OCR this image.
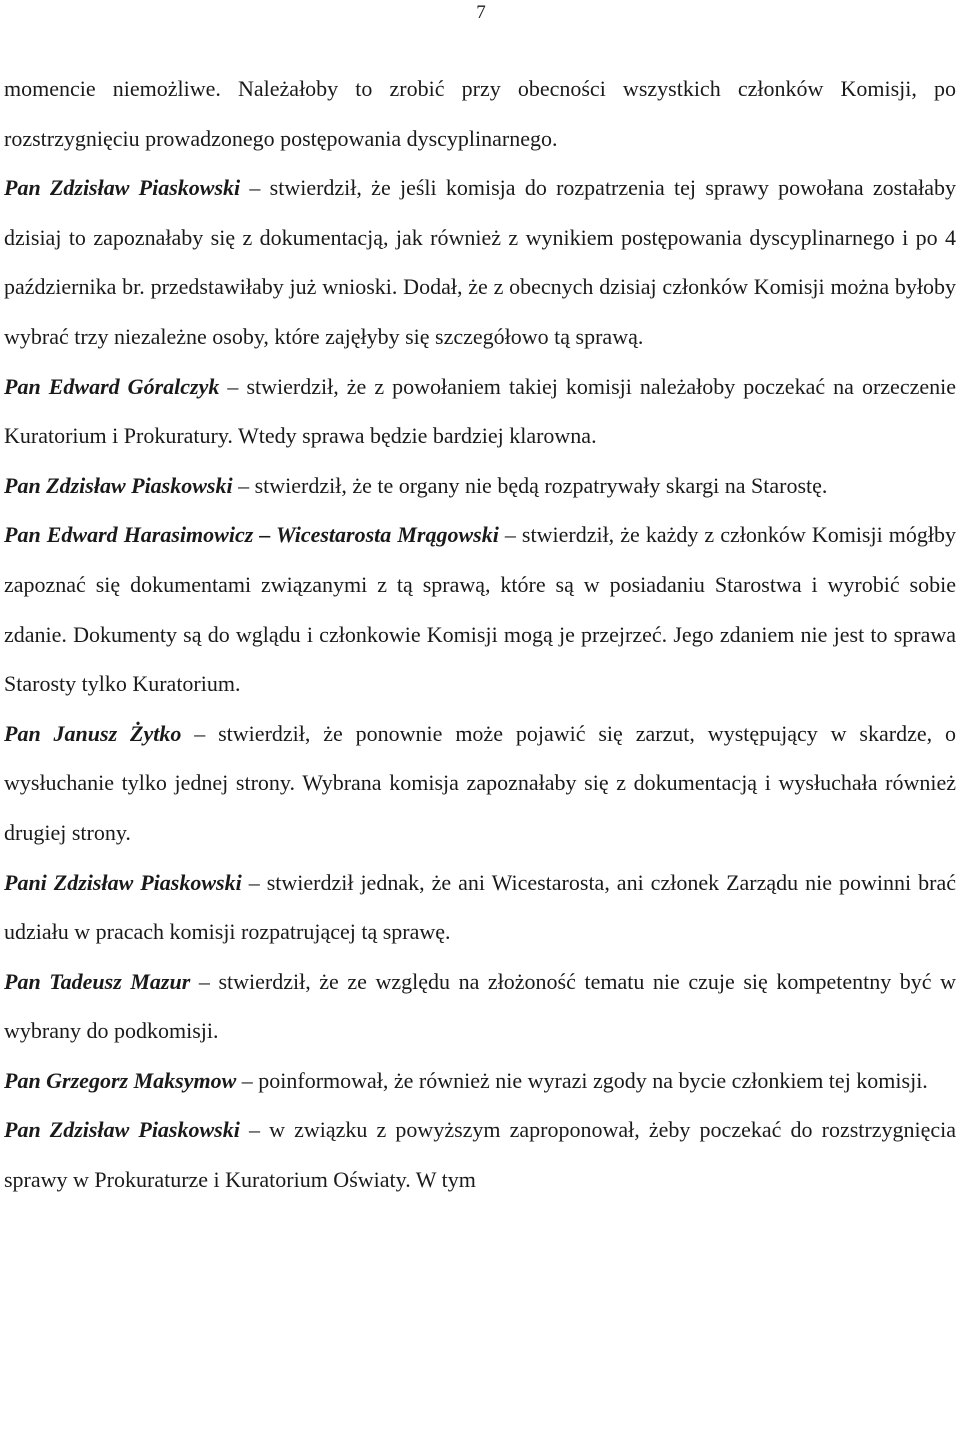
7

momencie niemożliwe. Należałoby to zrobić przy obecności wszystkich członków Komisji, po rozstrzygnięciu prowadzonego postępowania dyscyplinarnego.

Pan Zdzisław Piaskowski – stwierdził, że jeśli komisja do rozpatrzenia tej sprawy powołana zostałaby dzisiaj to zapoznałaby się z dokumentacją, jak również z wynikiem postępowania dyscyplinarnego i po 4 października br. przedstawiłaby już wnioski. Dodał, że z obecnych dzisiaj członków Komisji można byłoby wybrać trzy niezależne osoby, które zajęłyby się szczegółowo tą sprawą.

Pan Edward Góralczyk – stwierdził, że z powołaniem takiej komisji należałoby poczekać na orzeczenie Kuratorium i Prokuratury. Wtedy sprawa będzie bardziej klarowna.

Pan Zdzisław Piaskowski – stwierdził, że te organy nie będą rozpatrywały skargi na Starostę.

Pan Edward Harasimowicz – Wicestarosta Mrągowski – stwierdził, że każdy z członków Komisji mógłby zapoznać się dokumentami związanymi z tą sprawą, które są w posiadaniu Starostwa i wyrobić sobie zdanie. Dokumenty są do wglądu i członkowie Komisji mogą je przejrzeć. Jego zdaniem nie jest to sprawa Starosty tylko Kuratorium.

Pan Janusz Żytko – stwierdził, że ponownie może pojawić się zarzut, występujący w skardze, o wysłuchanie tylko jednej strony. Wybrana komisja zapoznałaby się z dokumentacją i wysłuchała również drugiej strony.

Pani Zdzisław Piaskowski – stwierdził jednak, że ani Wicestarosta, ani członek Zarządu nie powinni brać udziału w pracach komisji rozpatrującej tą sprawę.

Pan Tadeusz Mazur – stwierdził, że ze względu na złożoność tematu nie czuje się kompetentny być w wybrany do podkomisji.

Pan Grzegorz Maksymow – poinformował, że również nie wyrazi zgody na bycie członkiem tej komisji.

Pan Zdzisław Piaskowski – w związku z powyższym zaproponował, żeby poczekać do rozstrzygnięcia sprawy w Prokuraturze i Kuratorium Oświaty. W tym
